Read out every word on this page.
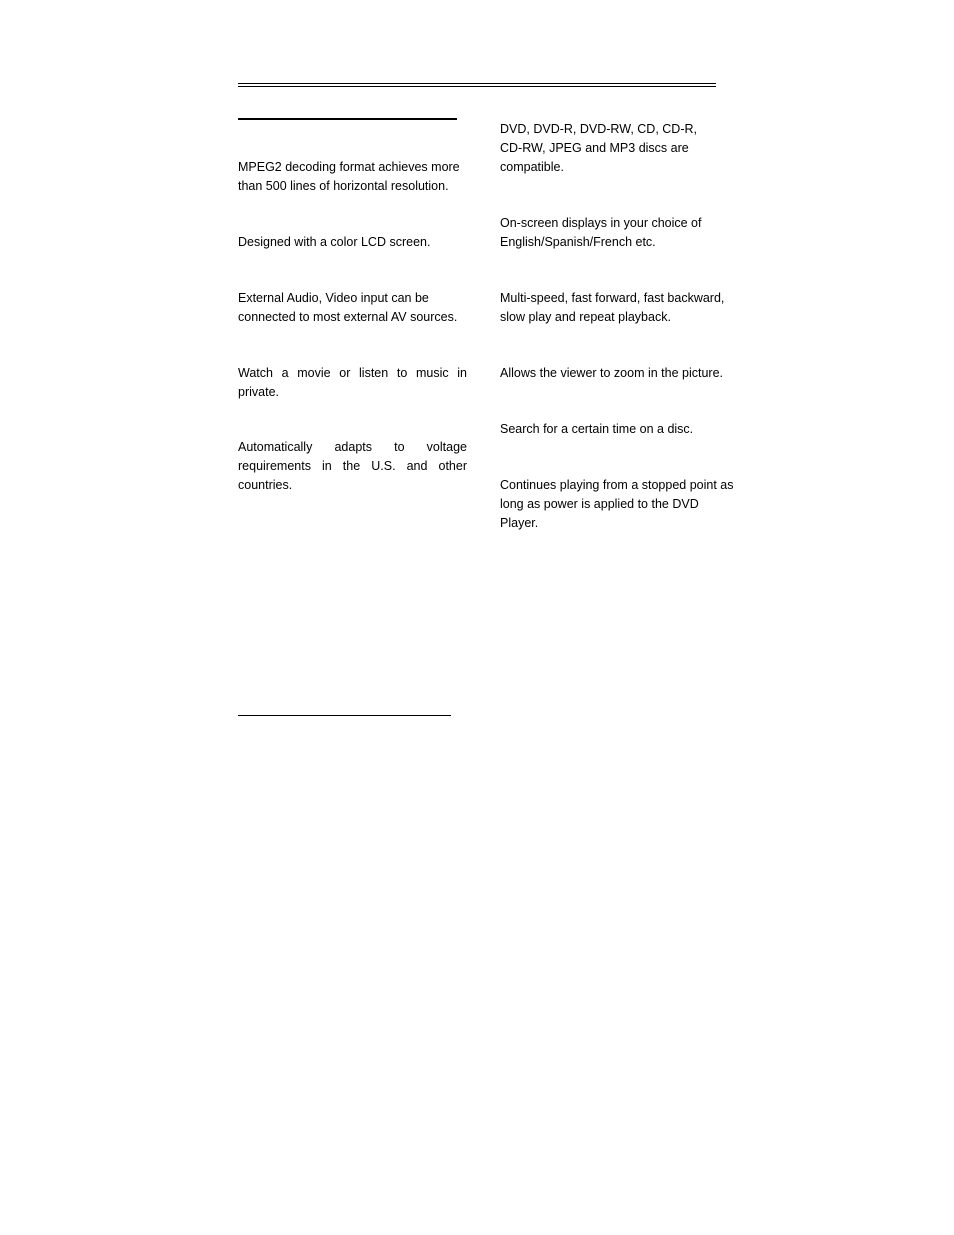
MPEG2 decoding format achieves more than 500 lines of horizontal resolution.

Designed with a color LCD screen.

External Audio, Video input can be connected to most external AV sources.

Watch a movie or listen to music in private.

Automatically adapts to voltage requirements in the U.S. and other countries.

DVD, DVD-R, DVD-RW, CD, CD-R, CD-RW, JPEG and MP3 discs are compatible.

On-screen displays in your choice of English/Spanish/French etc.

Multi-speed, fast forward, fast backward, slow play and repeat playback.

Allows the viewer to zoom in the picture.

Search for a certain time on a disc.

Continues playing from a stopped point as long as power is applied to the DVD Player.
